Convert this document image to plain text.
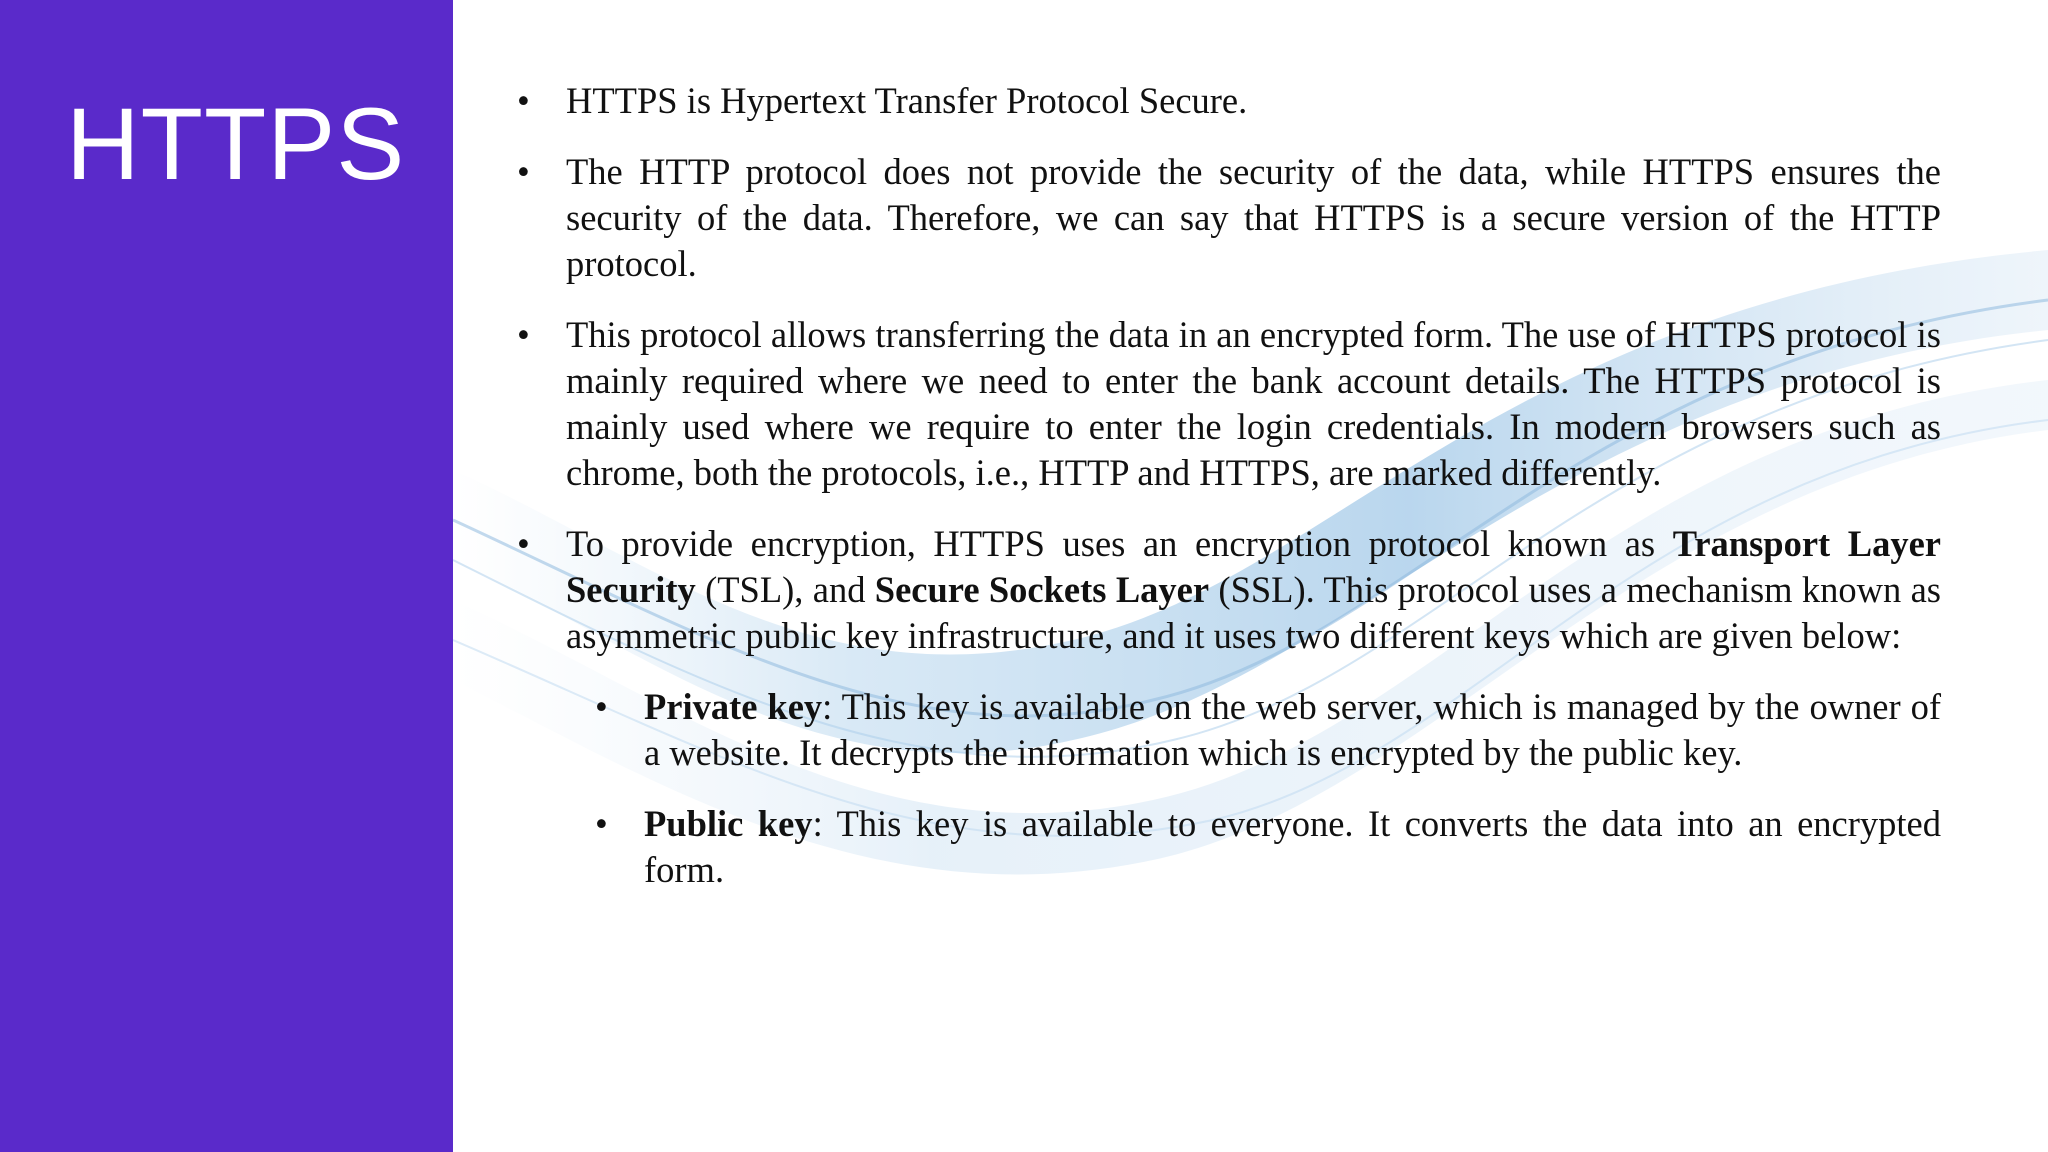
HTTPS	• HTTPS is Hypertext Transfer Protocol Secure.

• The HTTP protocol does not provide the security of the data, while HTTPS ensures the security of the data. Therefore, we can say that HTTPS is a secure version of the HTTP protocol.

• This protocol allows transferring the data in an encrypted form. The use of HTTPS protocol is mainly required where we need to enter the bank account details. The HTTPS protocol is mainly used where we require to enter the login credentials. In modern browsers such as chrome, both the protocols, i.e., HTTP and HTTPS, are marked differently.

• To provide encryption, HTTPS uses an encryption protocol known as Transport Layer Security (TSL), and Secure Sockets Layer (SSL). This protocol uses a mechanism known as asymmetric public key infrastructure, and it uses two different keys which are given below:

• Private key: This key is available on the web server, which is managed by the owner of a website. It decrypts the information which is encrypted by the public key.

• Public key: This key is available to everyone. It converts the data into an encrypted form.
